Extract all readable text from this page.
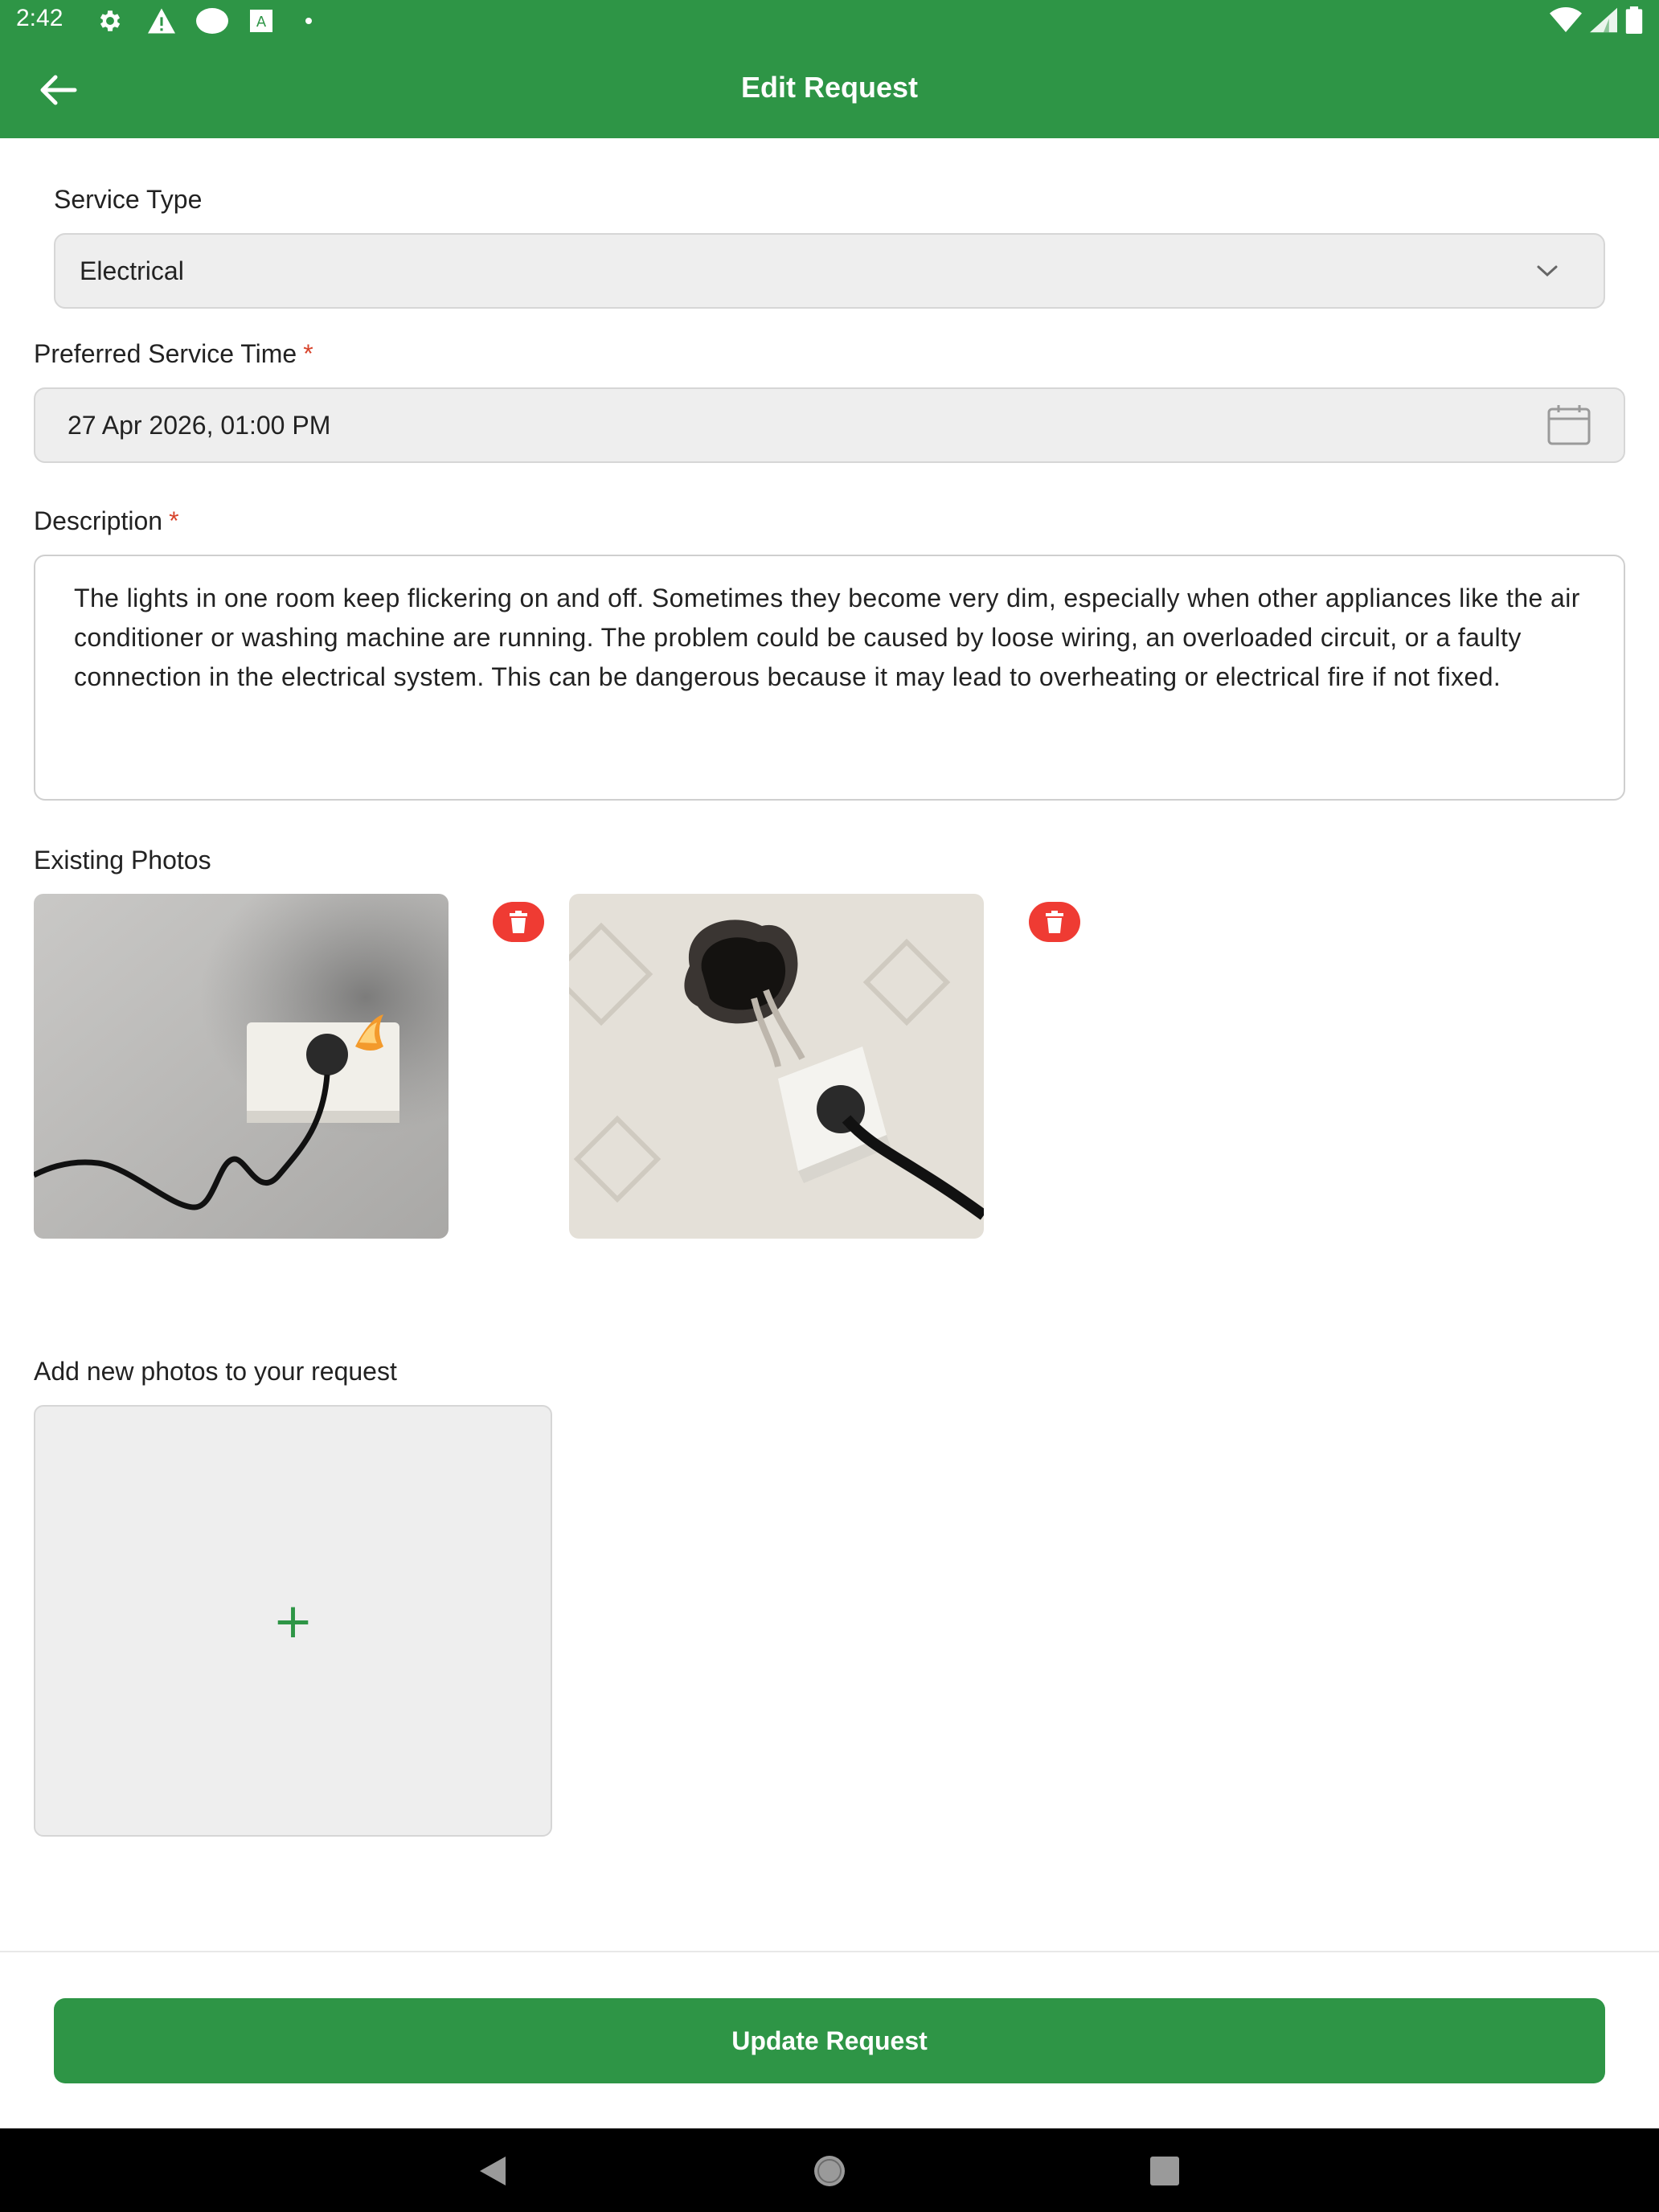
2:42	A
Edit Request
Service Type
Electrical
Preferred Service Time *
27 Apr 2026, 01:00 PM
Description *
The lights in one room keep flickering on and off. Sometimes they become very dim, especially when other appliances like the air conditioner or washing machine are running. The problem could be caused by loose wiring, an overloaded circuit, or a faulty connection in the electrical system. This can be dangerous because it may lead to overheating or electrical fire if not fixed.
Existing Photos
Add new photos to your request
+
Update Request
